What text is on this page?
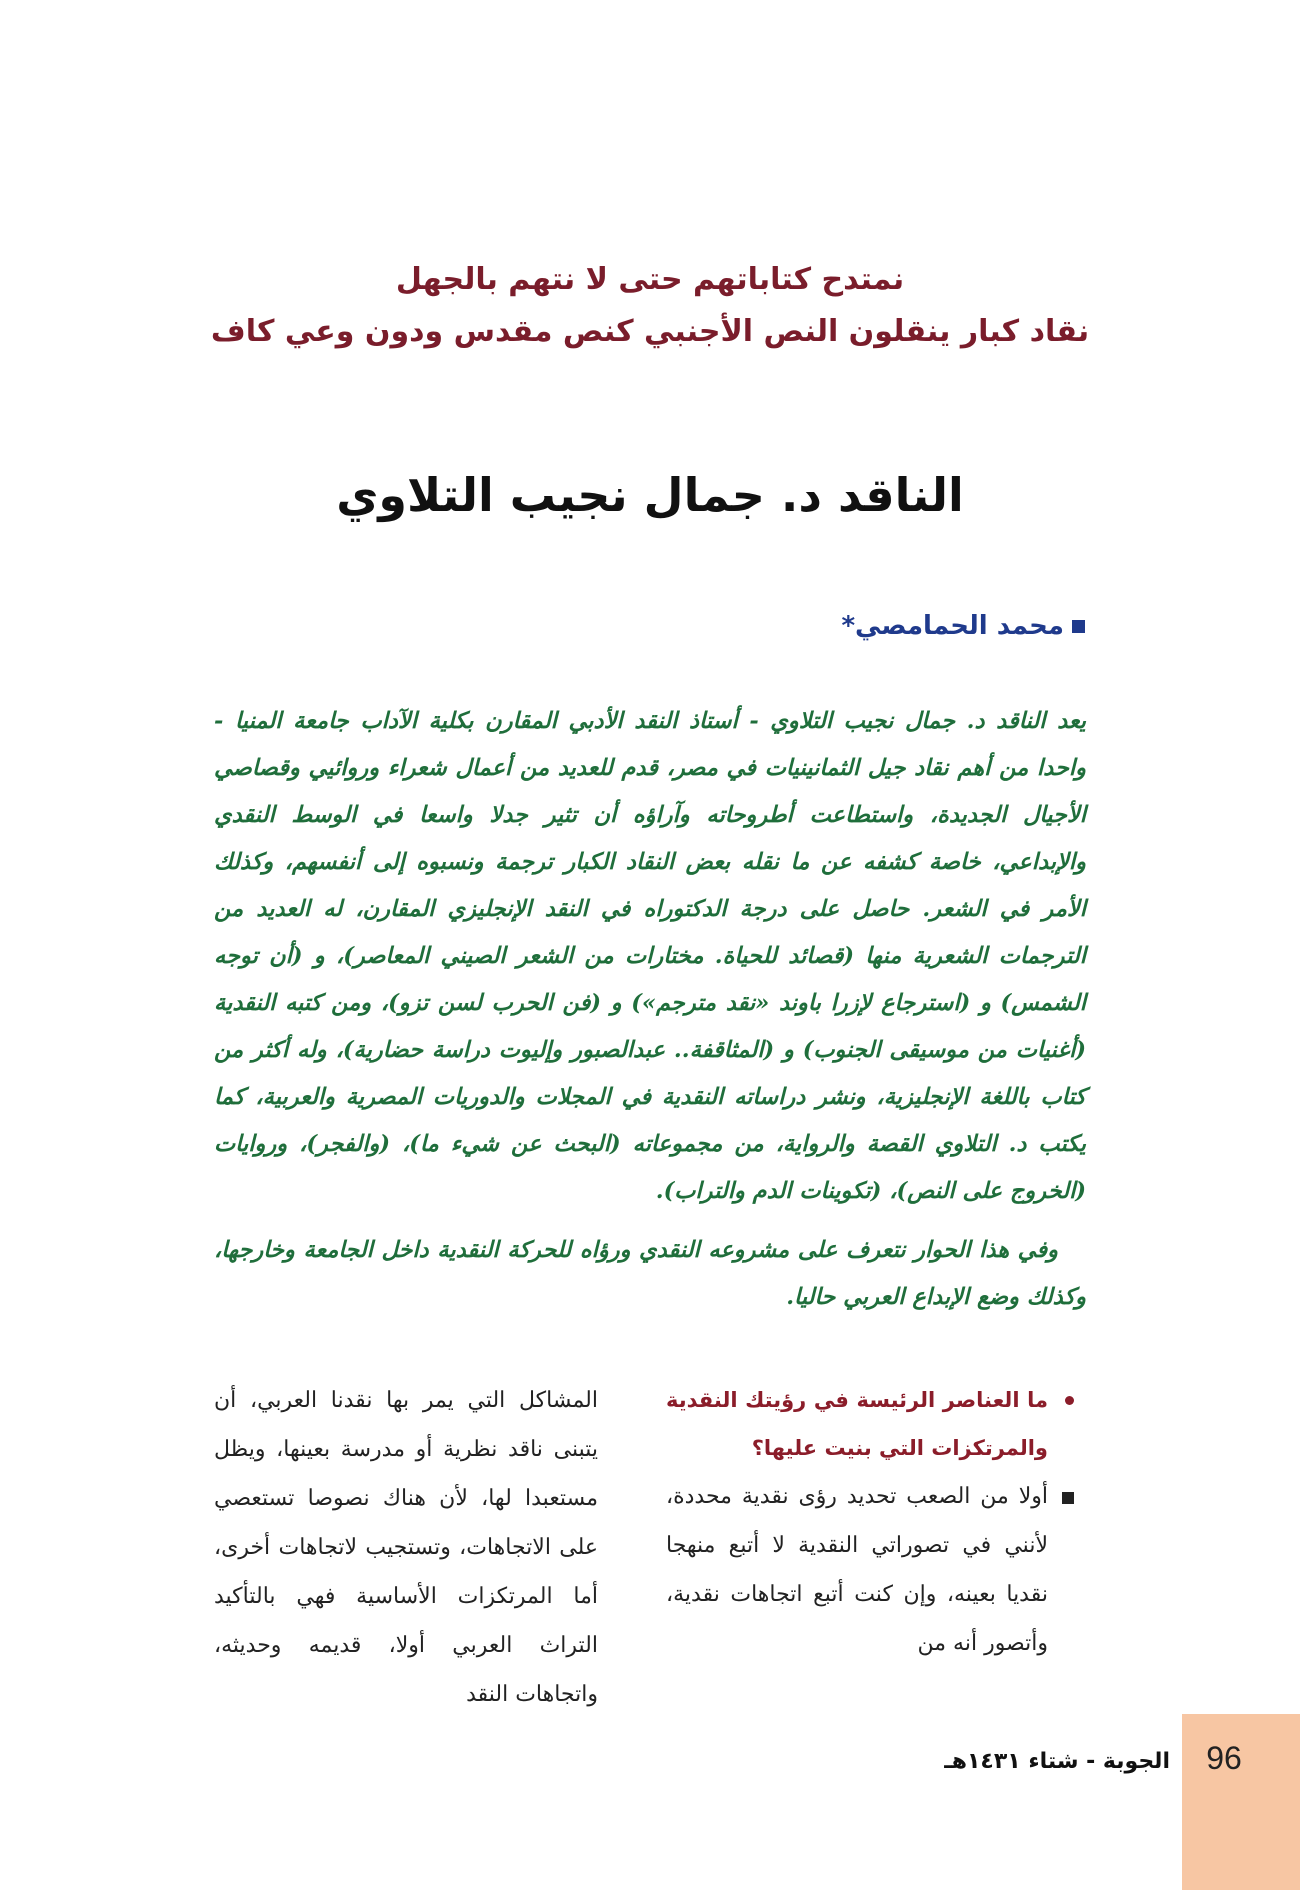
نمتدح كتاباتهم حتى لا نتهم بالجهل
نقاد كبار ينقلون النص الأجنبي كنص مقدس ودون وعي كاف
الناقد د. جمال نجيب التلاوي
محمد الحمامصي*

يعد الناقد د. جمال نجيب التلاوي - أستاذ النقد الأدبي المقارن بكلية الآداب جامعة المنيا - واحدا من أهم نقاد جيل الثمانينيات في مصر، قدم للعديد من أعمال شعراء وروائيي وقصاصي الأجيال الجديدة، واستطاعت أطروحاته وآراؤه أن تثير جدلا واسعا في الوسط النقدي والإبداعي، خاصة كشفه عن ما نقله بعض النقاد الكبار ترجمة ونسبوه إلى أنفسهم، وكذلك الأمر في الشعر. حاصل على درجة الدكتوراه في النقد الإنجليزي المقارن، له العديد من الترجمات الشعرية منها (قصائد للحياة. مختارات من الشعر الصيني المعاصر)، و (أن توجه الشمس) و (استرجاع لإزرا باوند «نقد مترجم») و (فن الحرب لسن تزو)، ومن كتبه النقدية (أغنيات من موسيقى الجنوب) و (المثاقفة.. عبدالصبور وإليوت دراسة حضارية)، وله أكثر من كتاب باللغة الإنجليزية، ونشر دراساته النقدية في المجلات والدوريات المصرية والعربية، كما يكتب د. التلاوي القصة والرواية، من مجموعاته (البحث عن شيء ما)، (والفجر)، وروايات (الخروج على النص)، (تكوينات الدم والتراب).

وفي هذا الحوار نتعرف على مشروعه النقدي ورؤاه للحركة النقدية داخل الجامعة وخارجها، وكذلك وضع الإبداع العربي حاليا.

ما العناصر الرئيسة في رؤيتك النقدية والمرتكزات التي بنيت عليها؟

أولا من الصعب تحديد رؤى نقدية محددة، لأنني في تصوراتي النقدية لا أتبع منهجا نقديا بعينه، وإن كنت أتبع اتجاهات نقدية، وأتصور أنه من

المشاكل التي يمر بها نقدنا العربي، أن يتبنى ناقد نظرية أو مدرسة بعينها، ويظل مستعبدا لها، لأن هناك نصوصا تستعصي على الاتجاهات، وتستجيب لاتجاهات أخرى، أما المرتكزات الأساسية فهي بالتأكيد التراث العربي أولا، قديمه وحديثه، واتجاهات النقد

الجوبة - شتاء ١٤٣١هـ	96
